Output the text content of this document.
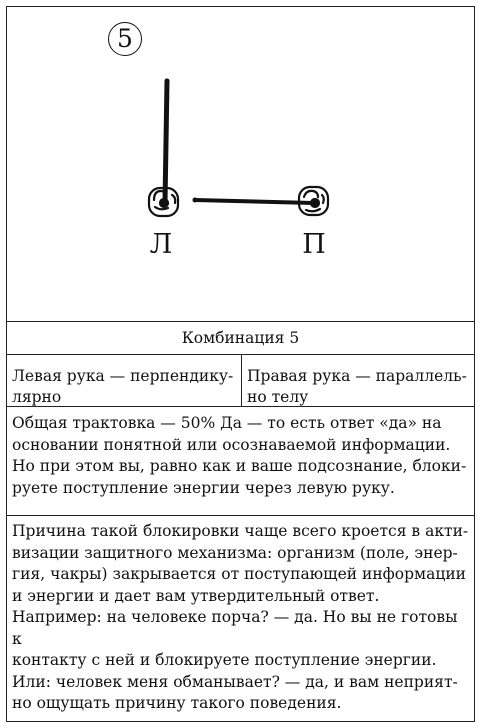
5
Л	П
Комбинация 5

Левая рука — перпендику-
лярно

Правая рука — параллель-
но телу

Общая трактовка — 50% Да — то есть ответ «да» на
основании понятной или осознаваемой информации.
Но при этом вы, равно как и ваше подсознание, блоки-
руете поступление энергии через левую руку.

Причина такой блокировки чаще всего кроется в акти-
визации защитного механизма: организм (поле, энер-
гия, чакры) закрывается от поступающей информации
и энергии и дает вам утвердительный ответ.

Например: на человеке порча? — да. Но вы не готовы к
контакту с ней и блокируете поступление энергии.

Или: человек меня обманывает? — да, и вам неприят-
но ощущать причину такого поведения.
